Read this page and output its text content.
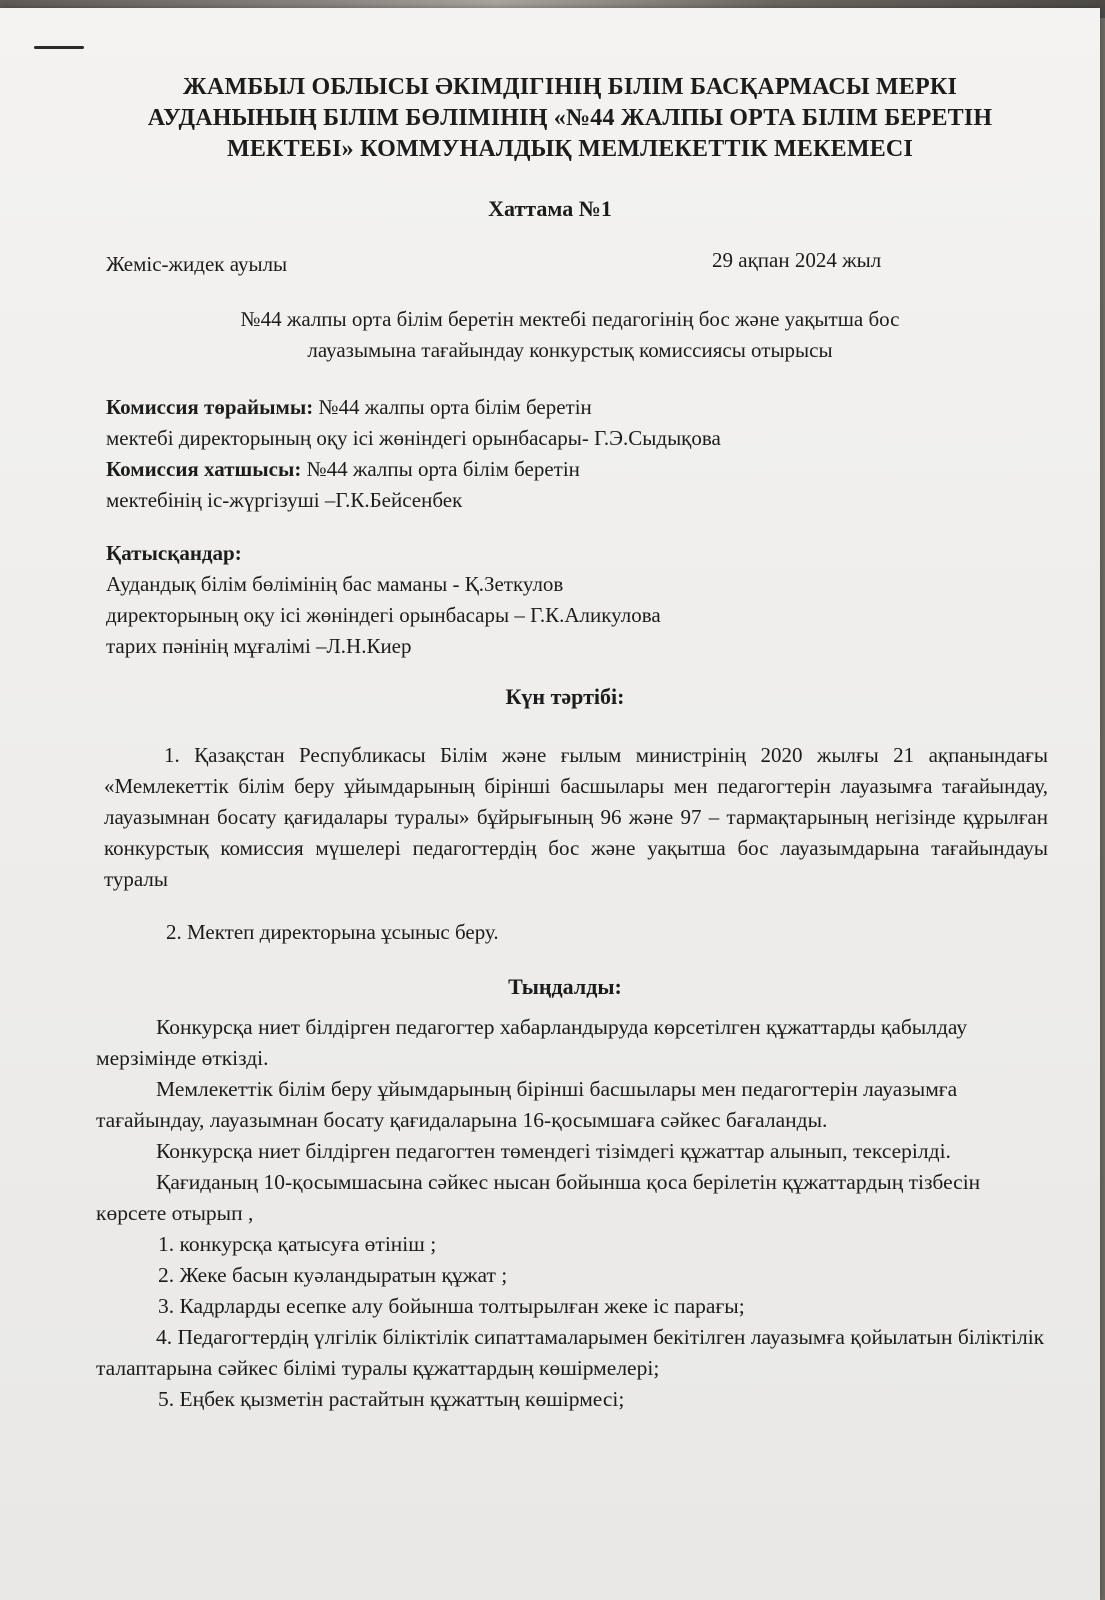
ЖАМБЫЛ ОБЛЫСЫ ӘКІМДІГІНІҢ БІЛІМ БАСҚАРМАСЫ МЕРКІ
АУДАНЫНЫҢ БІЛІМ БӨЛІМІНІҢ «№44 ЖАЛПЫ ОРТА БІЛІМ БЕРЕТІН
МЕКТЕБІ» КОММУНАЛДЫҚ МЕМЛЕКЕТТІК МЕКЕМЕСІ
Хаттама №1
Жеміс-жидек ауылы	29 ақпан 2024 жыл
№44 жалпы орта білім беретін мектебі педагогінің бос және уақытша бос
лауазымына тағайындау конкурстық комиссиясы отырысы
Комиссия төрайымы: №44 жалпы орта білім беретін
мектебі директорының оқу ісі жөніндегі орынбасары- Г.Э.Сыдықова
Комиссия хатшысы: №44 жалпы орта білім беретін
мектебінің іс-жүргізуші –Г.К.Бейсенбек
Қатысқандар:
Аудандық білім бөлімінің бас маманы - Қ.Зеткулов
директорының оқу ісі жөніндегі орынбасары – Г.К.Аликулова
тарих пәнінің мұғалімі –Л.Н.Киер
Күн тәртібі:
1. Қазақстан Республикасы Білім және ғылым министрінің 2020 жылғы 21 ақпанындағы «Мемлекеттік білім беру ұйымдарының бірінші басшылары мен педагогтерін лауазымға тағайындау, лауазымнан босату қағидалары туралы» бұйрығының 96 және 97 – тармақтарының негізінде құрылған конкурстық комиссия мүшелері педагогтердің бос және уақытша бос лауазымдарына тағайындауы туралы
2. Мектеп директорына ұсыныс беру.
Тыңдалды:

Конкурсқа ниет білдірген педагогтер хабарландыруда көрсетілген құжаттарды қабылдау мерзімінде өткізді.

Мемлекеттік білім беру ұйымдарының бірінші басшылары мен педагогтерін лауазымға тағайындау, лауазымнан босату қағидаларына 16-қосымшаға сәйкес бағаланды.

Конкурсқа ниет білдірген педагогтен төмендегі тізімдегі құжаттар алынып, тексерілді.

Қағиданың 10-қосымшасына сәйкес нысан бойынша қоса берілетін құжаттардың тізбесін көрсете отырып ,

1. конкурсқа қатысуға өтініш ;

2. Жеке басын куәландыратын құжат ;

3. Кадрларды есепке алу бойынша толтырылған жеке іс парағы;

4. Педагогтердің үлгілік біліктілік сипаттамаларымен бекітілген лауазымға қойылатын біліктілік талаптарына сәйкес білімі туралы құжаттардың көшірмелері;

5. Еңбек қызметін растайтын құжаттың көшірмесі;
